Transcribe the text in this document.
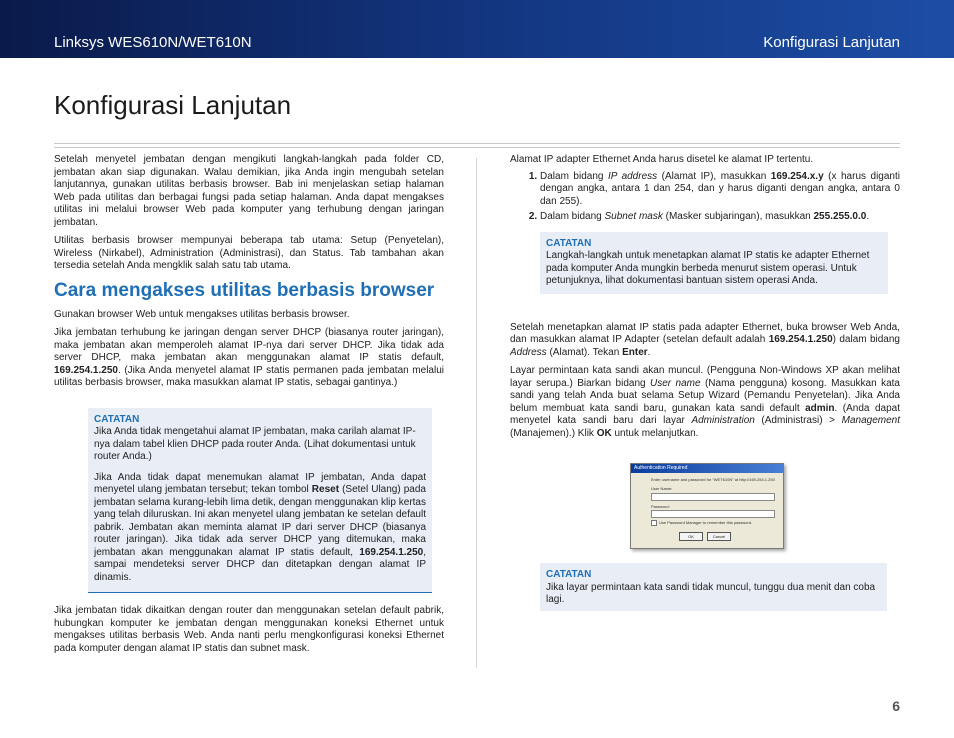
Linksys WES610N/WET610N	Konfigurasi Lanjutan
Konfigurasi Lanjutan

Setelah menyetel jembatan dengan mengikuti langkah-langkah pada folder CD, jembatan akan siap digunakan. Walau demikian, jika Anda ingin mengubah setelan lanjutannya, gunakan utilitas berbasis browser. Bab ini menjelaskan setiap halaman Web pada utilitas dan berbagai fungsi pada setiap halaman. Anda dapat mengakses utilitas ini melalui browser Web pada komputer yang terhubung dengan jaringan jembatan.

Utilitas berbasis browser mempunyai beberapa tab utama: Setup (Penyetelan), Wireless (Nirkabel), Administration (Administrasi), dan Status. Tab tambahan akan tersedia setelah Anda mengklik salah satu tab utama.

Cara mengakses utilitas berbasis browser

Gunakan browser Web untuk mengakses utilitas berbasis browser.

Jika jembatan terhubung ke jaringan dengan server DHCP (biasanya router jaringan), maka jembatan akan memperoleh alamat IP-nya dari server DHCP. Jika tidak ada server DHCP, maka jembatan akan menggunakan alamat IP statis default, 169.254.1.250. (Jika Anda menyetel alamat IP statis permanen pada jembatan melalui utilitas berbasis browser, maka masukkan alamat IP statis, sebagai gantinya.)

CATATAN

Jika Anda tidak mengetahui alamat IP jembatan, maka carilah alamat IP-nya dalam tabel klien DHCP pada router Anda. (Lihat dokumentasi untuk router Anda.)

Jika Anda tidak dapat menemukan alamat IP jembatan, Anda dapat menyetel ulang jembatan tersebut; tekan tombol Reset (Setel Ulang) pada jembatan selama kurang-lebih lima detik, dengan menggunakan klip kertas yang telah diluruskan. Ini akan menyetel ulang jembatan ke setelan default pabrik. Jembatan akan meminta alamat IP dari server DHCP (biasanya router jaringan). Jika tidak ada server DHCP yang ditemukan, maka jembatan akan menggunakan alamat IP statis default, 169.254.1.250, sampai mendeteksi server DHCP dan ditetapkan dengan alamat IP dinamis.

Jika jembatan tidak dikaitkan dengan router dan menggunakan setelan default pabrik, hubungkan komputer ke jembatan dengan menggunakan koneksi Ethernet untuk mengakses utilitas berbasis Web. Anda nanti perlu mengkonfigurasi koneksi Ethernet pada komputer dengan alamat IP statis dan subnet mask.

Alamat IP adapter Ethernet Anda harus disetel ke alamat IP tertentu.

1. Dalam bidang IP address (Alamat IP), masukkan 169.254.x.y (x harus diganti dengan angka, antara 1 dan 254, dan y harus diganti dengan angka, antara 0 dan 255).
2. Dalam bidang Subnet mask (Masker subjaringan), masukkan 255.255.0.0.
CATATAN

Langkah-langkah untuk menetapkan alamat IP statis ke adapter Ethernet pada komputer Anda mungkin berbeda menurut sistem operasi. Untuk petunjuknya, lihat dokumentasi bantuan sistem operasi Anda.

Setelah menetapkan alamat IP statis pada adapter Ethernet, buka browser Web Anda, dan masukkan alamat IP Adapter (setelan default adalah 169.254.1.250) dalam bidang Address (Alamat). Tekan Enter.

Layar permintaan kata sandi akan muncul. (Pengguna Non-Windows XP akan melihat layar serupa.) Biarkan bidang User name (Nama pengguna) kosong. Masukkan kata sandi yang telah Anda buat selama Setup Wizard (Pemandu Penyetelan). Jika Anda belum membuat kata sandi baru, gunakan kata sandi default admin. (Anda dapat menyetel kata sandi baru dari layar Administration (Administrasi) > Management (Manajemen).) Klik OK untuk melanjutkan.

Authentication Required
Enter username and password for "WET610N" at http://169.254.1.250
User Name:
Password:
Use Password Manager to remember this password.
OK	Cancel
CATATAN

Jika layar permintaan kata sandi tidak muncul, tunggu dua menit dan coba lagi.

6
